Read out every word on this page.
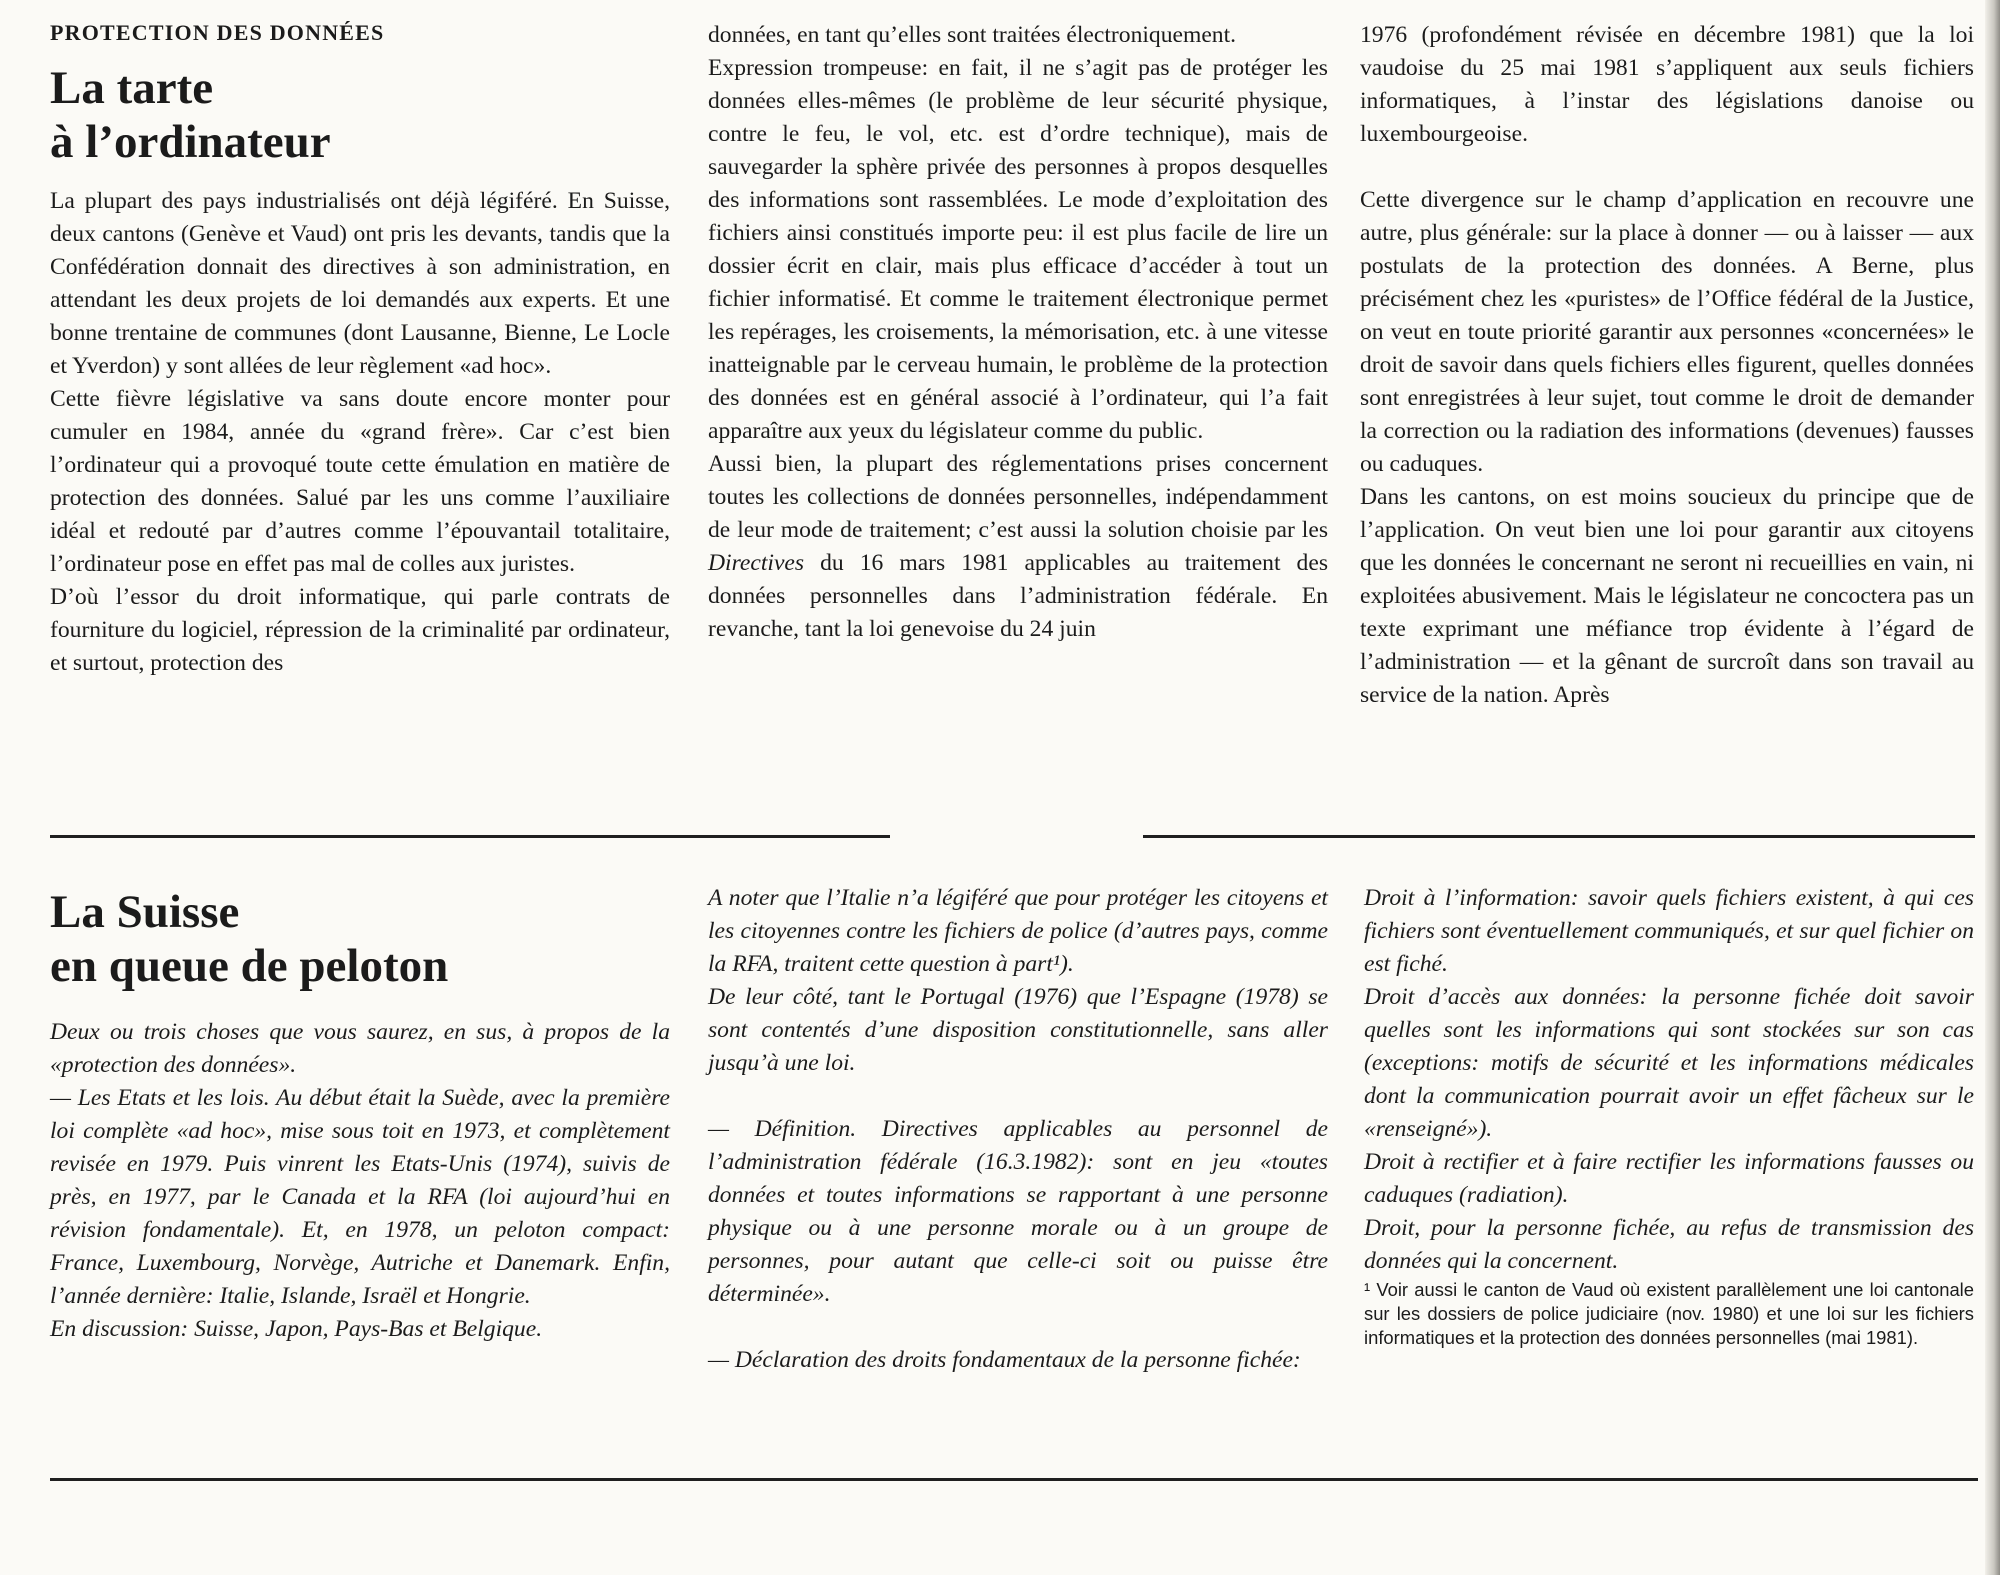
PROTECTION DES DONNÉES
La tarte
à l’ordinateur

La plupart des pays industrialisés ont déjà légiféré. En Suisse, deux cantons (Genève et Vaud) ont pris les devants, tandis que la Confédération donnait des directives à son administration, en attendant les deux projets de loi demandés aux experts. Et une bonne trentaine de communes (dont Lausanne, Bienne, Le Locle et Yverdon) y sont allées de leur règlement «ad hoc».

Cette fièvre législative va sans doute encore monter pour cumuler en 1984, année du «grand frère». Car c’est bien l’ordinateur qui a provoqué toute cette émulation en matière de protection des données. Salué par les uns comme l’auxiliaire idéal et redouté par d’autres comme l’épouvantail totalitaire, l’ordinateur pose en effet pas mal de colles aux juristes.

D’où l’essor du droit informatique, qui parle contrats de fourniture du logiciel, répression de la criminalité par ordinateur, et surtout, protection des

données, en tant qu’elles sont traitées électroniquement.

Expression trompeuse: en fait, il ne s’agit pas de protéger les données elles-mêmes (le problème de leur sécurité physique, contre le feu, le vol, etc. est d’ordre technique), mais de sauvegarder la sphère privée des personnes à propos desquelles des informations sont rassemblées. Le mode d’exploitation des fichiers ainsi constitués importe peu: il est plus facile de lire un dossier écrit en clair, mais plus efficace d’accéder à tout un fichier informatisé. Et comme le traitement électronique permet les repérages, les croisements, la mémorisation, etc. à une vitesse inatteignable par le cerveau humain, le problème de la protection des données est en général associé à l’ordinateur, qui l’a fait apparaître aux yeux du législateur comme du public.

Aussi bien, la plupart des réglementations prises concernent toutes les collections de données personnelles, indépendamment de leur mode de traitement; c’est aussi la solution choisie par les Directives du 16 mars 1981 applicables au traitement des données personnelles dans l’administration fédérale. En revanche, tant la loi genevoise du 24 juin

1976 (profondément révisée en décembre 1981) que la loi vaudoise du 25 mai 1981 s’appliquent aux seuls fichiers informatiques, à l’instar des législations danoise ou luxembourgeoise.

Cette divergence sur le champ d’application en recouvre une autre, plus générale: sur la place à donner — ou à laisser — aux postulats de la protection des données. A Berne, plus précisément chez les «puristes» de l’Office fédéral de la Justice, on veut en toute priorité garantir aux personnes «concernées» le droit de savoir dans quels fichiers elles figurent, quelles données sont enregistrées à leur sujet, tout comme le droit de demander la correction ou la radiation des informations (devenues) fausses ou caduques.

Dans les cantons, on est moins soucieux du principe que de l’application. On veut bien une loi pour garantir aux citoyens que les données le concernant ne seront ni recueillies en vain, ni exploitées abusivement. Mais le législateur ne concoctera pas un texte exprimant une méfiance trop évidente à l’égard de l’administration — et la gênant de surcroît dans son travail au service de la nation. Après

La Suisse
en queue de peloton

Deux ou trois choses que vous saurez, en sus, à propos de la «protection des données».

— Les Etats et les lois. Au début était la Suède, avec la première loi complète «ad hoc», mise sous toit en 1973, et complètement revisée en 1979. Puis vinrent les Etats-Unis (1974), suivis de près, en 1977, par le Canada et la RFA (loi aujourd’hui en révision fondamentale). Et, en 1978, un peloton compact: France, Luxembourg, Norvège, Autriche et Danemark. Enfin, l’année dernière: Italie, Islande, Israël et Hongrie.

En discussion: Suisse, Japon, Pays-Bas et Belgique.

A noter que l’Italie n’a légiféré que pour protéger les citoyens et les citoyennes contre les fichiers de police (d’autres pays, comme la RFA, traitent cette question à part¹).

De leur côté, tant le Portugal (1976) que l’Espagne (1978) se sont contentés d’une disposition constitutionnelle, sans aller jusqu’à une loi.

— Définition. Directives applicables au personnel de l’administration fédérale (16.3.1982): sont en jeu «toutes données et toutes informations se rapportant à une personne physique ou à une personne morale ou à un groupe de personnes, pour autant que celle-ci soit ou puisse être déterminée».

— Déclaration des droits fondamentaux de la personne fichée:

Droit à l’information: savoir quels fichiers existent, à qui ces fichiers sont éventuellement communiqués, et sur quel fichier on est fiché.

Droit d’accès aux données: la personne fichée doit savoir quelles sont les informations qui sont stockées sur son cas (exceptions: motifs de sécurité et les informations médicales dont la communication pourrait avoir un effet fâcheux sur le «renseigné»).

Droit à rectifier et à faire rectifier les informations fausses ou caduques (radiation).

Droit, pour la personne fichée, au refus de transmission des données qui la concernent.

¹ Voir aussi le canton de Vaud où existent parallèlement une loi cantonale sur les dossiers de police judiciaire (nov. 1980) et une loi sur les fichiers informatiques et la protection des données personnelles (mai 1981).
